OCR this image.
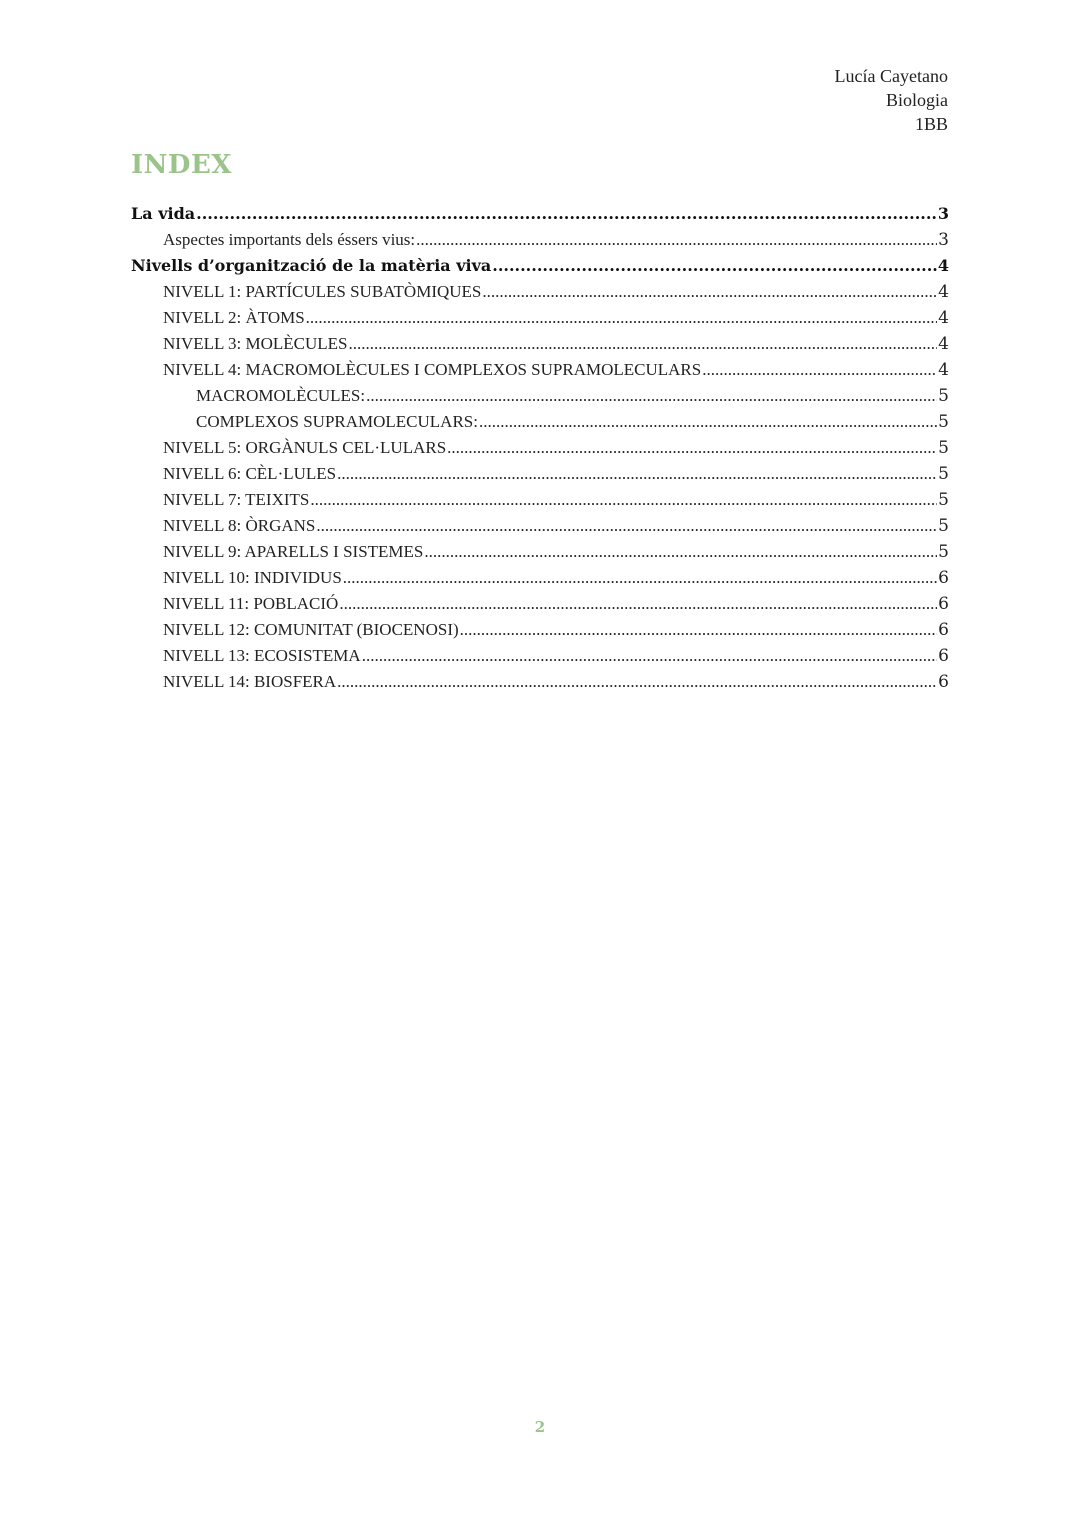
Lucía Cayetano
Biologia
1BB
INDEX
La vida .....	3
Aspectes importants dels éssers vius: .....	3
Nivells d’organització de la matèria viva .....	4
NIVELL 1: PARTÍCULES SUBATÒMIQUES .....	4
NIVELL 2: ÀTOMS .....	4
NIVELL 3: MOLÈCULES .....	4
NIVELL 4: MACROMOLÈCULES I COMPLEXOS SUPRAMOLECULARS .....	4
MACROMOLÈCULES: .....	5
COMPLEXOS SUPRAMOLECULARS: .....	5
NIVELL 5: ORGÀNULS CEL·LULARS .....	5
NIVELL 6: CÈL·LULES .....	5
NIVELL 7: TEIXITS .....	5
NIVELL 8: ÒRGANS .....	5
NIVELL 9: APARELLS I SISTEMES .....	5
NIVELL 10: INDIVIDUS .....	6
NIVELL 11: POBLACIÓ .....	6
NIVELL 12: COMUNITAT (BIOCENOSI) .....	6
NIVELL 13: ECOSISTEMA .....	6
NIVELL 14: BIOSFERA .....	6
2
